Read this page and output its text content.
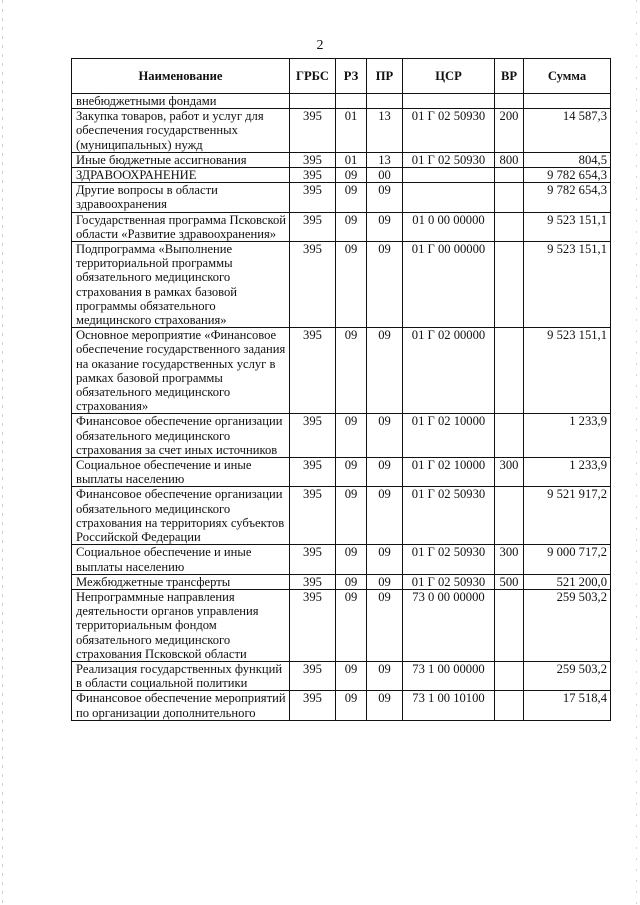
2
Наименование	ГРБС	РЗ	ПР	ЦСР	ВР	Сумма
внебюджетными фондами						
Закупка товаров, работ и услуг для обеспечения государственных (муниципальных) нужд	395	01	13	01 Г 02 50930	200	14 587,3
Иные бюджетные ассигнования	395	01	13	01 Г 02 50930	800	804,5
ЗДРАВООХРАНЕНИЕ	395	09	00			9 782 654,3
Другие вопросы в области здравоохранения	395	09	09			9 782 654,3
Государственная программа Псковской области «Развитие здравоохранения»	395	09	09	01 0 00 00000		9 523 151,1
Подпрограмма «Выполнение территориальной программы обязательного медицинского страхования в рамках базовой программы обязательного медицинского страхования»	395	09	09	01 Г 00 00000		9 523 151,1
Основное мероприятие «Финансовое обеспечение государственного задания на оказание государственных услуг в рамках базовой программы обязательного медицинского страхования»	395	09	09	01 Г 02 00000		9 523 151,1
Финансовое обеспечение организации обязательного медицинского страхования за счет иных источников	395	09	09	01 Г 02 10000		1 233,9
Социальное обеспечение и иные выплаты населению	395	09	09	01 Г 02 10000	300	1 233,9
Финансовое обеспечение организации обязательного медицинского страхования на территориях субъектов Российской Федерации	395	09	09	01 Г 02 50930		9 521 917,2
Социальное обеспечение и иные выплаты населению	395	09	09	01 Г 02 50930	300	9 000 717,2
Межбюджетные трансферты	395	09	09	01 Г 02 50930	500	521 200,0
Непрограммные направления деятельности органов управления территориальным фондом обязательного медицинского страхования Псковской области	395	09	09	73 0 00 00000		259 503,2
Реализация государственных функций в области социальной политики	395	09	09	73 1 00 00000		259 503,2
Финансовое обеспечение мероприятий по организации дополнительного	395	09	09	73 1 00 10100		17 518,4
